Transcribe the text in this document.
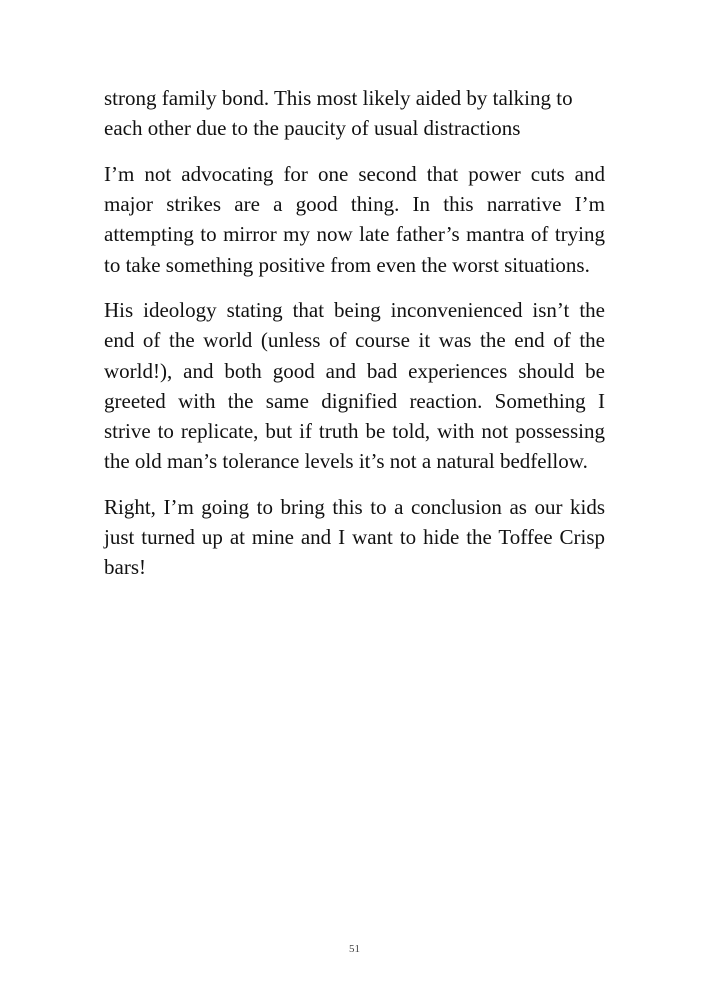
strong family bond. This most likely aided by talking to each other due to the paucity of usual distractions

I’m not advocating for one second that power cuts and major strikes are a good thing. In this narrative I’m attempting to mirror my now late father’s mantra of trying to take something positive from even the worst situations.

His ideology stating that being inconvenienced isn’t the end of the world (unless of course it was the end of the world!), and both good and bad experiences should be greeted with the same dignified reaction. Something I strive to replicate, but if truth be told, with not possessing the old man’s tolerance levels it’s not a natural bedfellow.

Right, I’m going to bring this to a conclusion as our kids just turned up at mine and I want to hide the Toffee Crisp bars!

51
